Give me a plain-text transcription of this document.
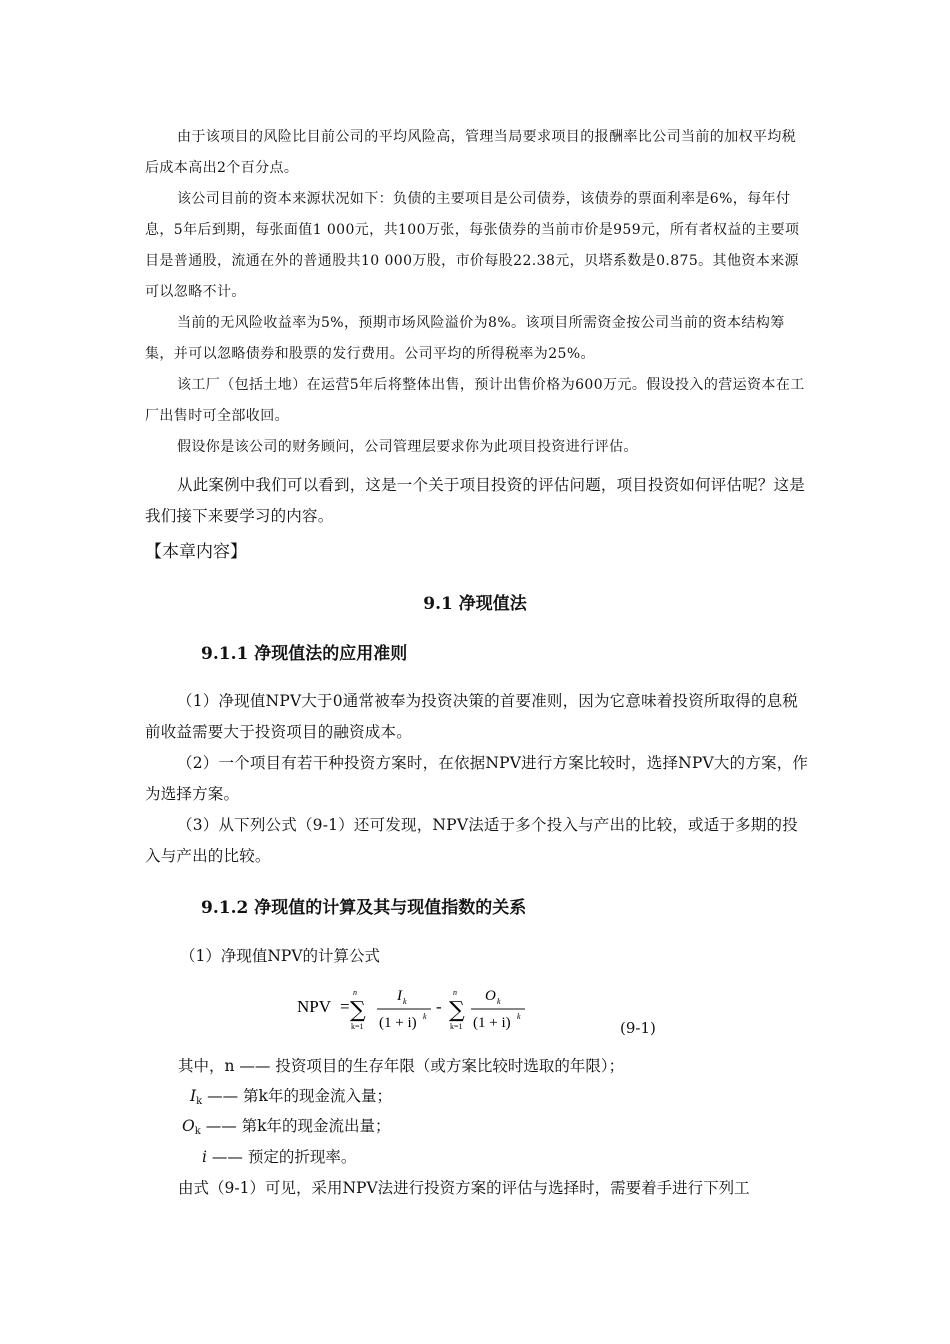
由于该项目的风险比目前公司的平均风险高，管理当局要求项目的报酬率比公司当前的加权平均税后成本高出2个百分点。

该公司目前的资本来源状况如下：负债的主要项目是公司债券，该债券的票面利率是6%，每年付息，5年后到期，每张面值1 000元，共100万张，每张债券的当前市价是959元，所有者权益的主要项目是普通股，流通在外的普通股共10 000万股，市价每股22.38元，贝塔系数是0.875。其他资本来源可以忽略不计。

当前的无风险收益率为5%，预期市场风险溢价为8%。该项目所需资金按公司当前的资本结构筹集，并可以忽略债券和股票的发行费用。公司平均的所得税率为25%。

该工厂（包括土地）在运营5年后将整体出售，预计出售价格为600万元。假设投入的营运资本在工厂出售时可全部收回。

假设你是该公司的财务顾问，公司管理层要求你为此项目投资进行评估。

从此案例中我们可以看到，这是一个关于项目投资的评估问题，项目投资如何评估呢？这是我们接下来要学习的内容。

【本章内容】

9.1 净现值法

9.1.1 净现值法的应用准则

（1）净现值NPV大于0通常被奉为投资决策的首要准则，因为它意味着投资所取得的息税前收益需要大于投资项目的融资成本。

（2）一个项目有若干种投资方案时，在依据NPV进行方案比较时，选择NPV大的方案，作为选择方案。

（3）从下列公式（9-1）还可发现，NPV法适于多个投入与产出的比较，或适于多期的投入与产出的比较。

9.1.2 净现值的计算及其与现值指数的关系

（1）净现值NPV的计算公式

NPV =
n
∑
k=1
I k
(1 + i) k
-
n
∑
k=1
O k
(1 + i) k
(9-1)

其中，n —— 投资项目的生存年限（或方案比较时选取的年限）；

$I_k$ —— 第k年的现金流入量；

$O_k$ —— 第k年的现金流出量；

i —— 预定的折现率。

由式（9-1）可见，采用NPV法进行投资方案的评估与选择时，需要着手进行下列工
